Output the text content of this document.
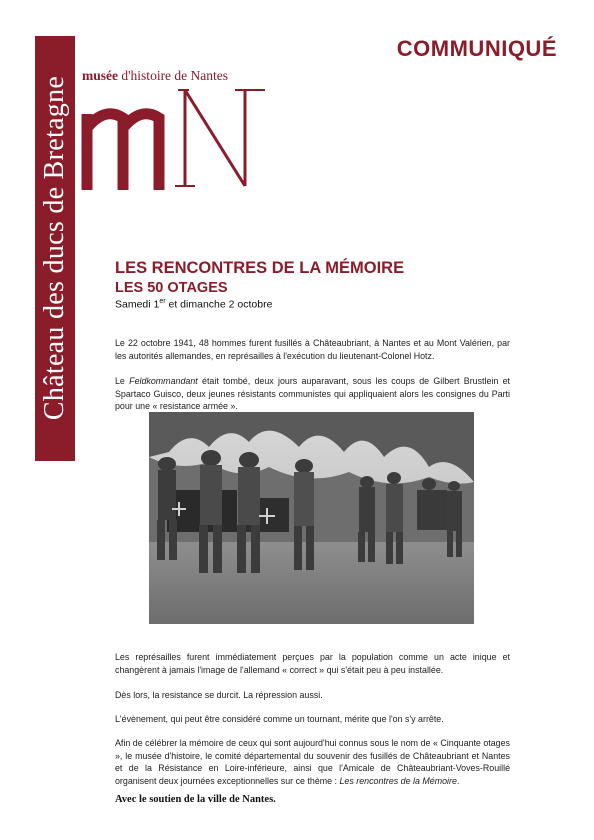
Château des ducs de Bretagne
musée d'histoire de Nantes
COMMUNIQUÉ
LES RENCONTRES DE LA MÉMOIRE
LES 50 OTAGES
Samedi 1er et dimanche 2 octobre

Le 22 octobre 1941, 48 hommes furent fusillés à Châteaubriant, à Nantes et au Mont Valérien, par les autorités allemandes, en représailles à l'exécution du lieutenant-Colonel Hotz.

Le Feldkommandant était tombé, deux jours auparavant, sous les coups de Gilbert Brustlein et Spartaco Guisco, deux jeunes résistants communistes qui appliquaient alors les consignes du Parti pour une « resistance armée ».

Les représailles furent immédiatement perçues par la population comme un acte inique et changèrent à jamais l'image de l'allemand « correct » qui s'était peu à peu installée.

Dès lors, la resistance se durcit. La répression aussi.

L'évènement, qui peut être considéré comme un tournant, mérite que l'on s'y arrête.

Afin de célébrer la mémoire de ceux qui sont aujourd'hui connus sous le nom de « Cinquante otages », le musée d'histoire, le comité départemental du souvenir des fusillés de Châteaubriant et Nantes et de la Résistance en Loire-inférieure, ainsi que l'Amicale de Châteaubriant-Voves-Rouillé organisent deux journées exceptionnelles sur ce thème : Les rencontres de la Mémoire.

Avec le soutien de la ville de Nantes.
